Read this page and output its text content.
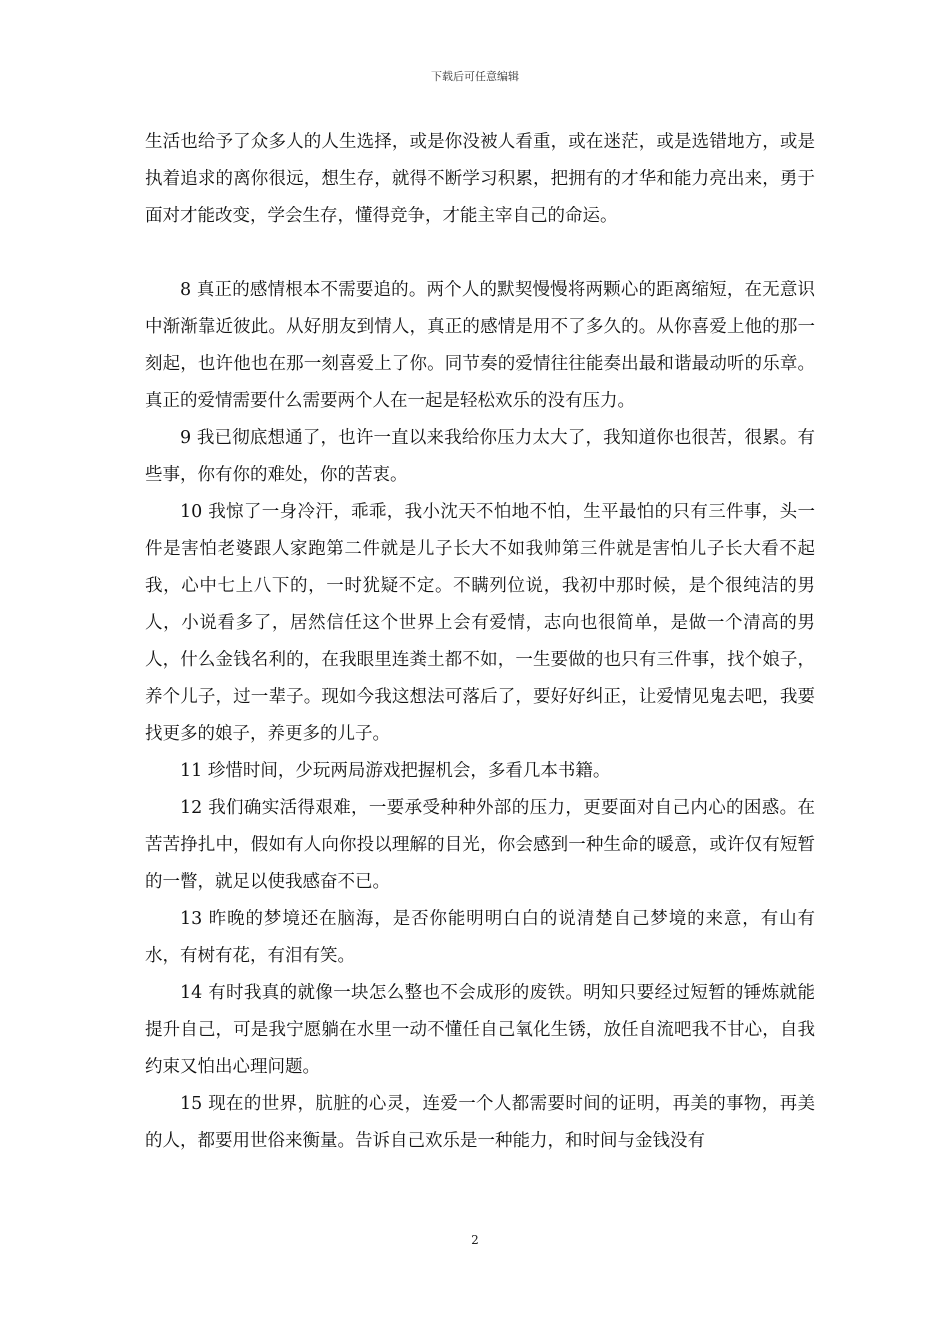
下载后可任意编辑

生活也给予了众多人的人生选择，或是你没被人看重，或在迷茫，或是选错地方，或是执着追求的离你很远，想生存，就得不断学习积累，把拥有的才华和能力亮出来，勇于面对才能改变，学会生存，懂得竞争，才能主宰自己的命运。

8 真正的感情根本不需要追的。两个人的默契慢慢将两颗心的距离缩短，在无意识中渐渐靠近彼此。从好朋友到情人，真正的感情是用不了多久的。从你喜爱上他的那一刻起，也许他也在那一刻喜爱上了你。同节奏的爱情往往能奏出最和谐最动听的乐章。真正的爱情需要什么需要两个人在一起是轻松欢乐的没有压力。

9 我已彻底想通了，也许一直以来我给你压力太大了，我知道你也很苦，很累。有些事，你有你的难处，你的苦衷。

10 我惊了一身冷汗，乖乖，我小沈天不怕地不怕，生平最怕的只有三件事，头一件是害怕老婆跟人家跑第二件就是儿子长大不如我帅第三件就是害怕儿子长大看不起我，心中七上八下的，一时犹疑不定。不瞒列位说，我初中那时候，是个很纯洁的男人，小说看多了，居然信任这个世界上会有爱情，志向也很简单，是做一个清高的男人，什么金钱名利的，在我眼里连粪土都不如，一生要做的也只有三件事，找个娘子，养个儿子，过一辈子。现如今我这想法可落后了，要好好纠正，让爱情见鬼去吧，我要找更多的娘子，养更多的儿子。

11 珍惜时间，少玩两局游戏把握机会，多看几本书籍。

12 我们确实活得艰难，一要承受种种外部的压力，更要面对自己内心的困惑。在苦苦挣扎中，假如有人向你投以理解的目光，你会感到一种生命的暖意，或许仅有短暂的一瞥，就足以使我感奋不已。

13 昨晚的梦境还在脑海，是否你能明明白白的说清楚自己梦境的来意，有山有水，有树有花，有泪有笑。

14 有时我真的就像一块怎么整也不会成形的废铁。明知只要经过短暂的锤炼就能提升自己，可是我宁愿躺在水里一动不懂任自己氧化生锈，放任自流吧我不甘心，自我约束又怕出心理问题。

15 现在的世界，肮脏的心灵，连爱一个人都需要时间的证明，再美的事物，再美的人，都要用世俗来衡量。告诉自己欢乐是一种能力，和时间与金钱没有

2
